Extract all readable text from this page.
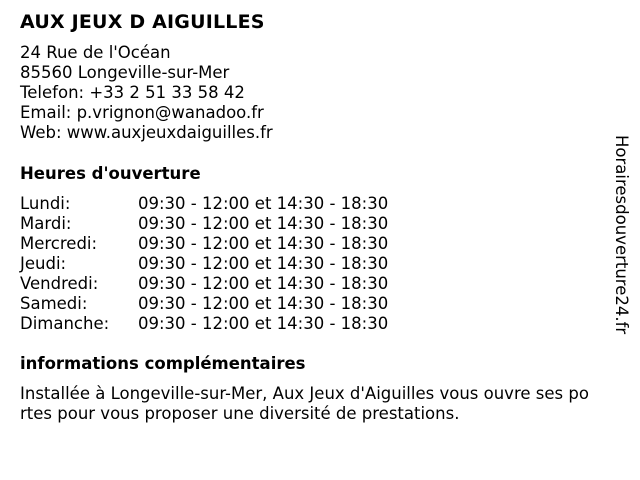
AUX JEUX D AIGUILLES
24 Rue de l'Océan
85560 Longeville-sur-Mer
Telefon: +33 2 51 33 58 42
Email: p.vrignon@wanadoo.fr
Web: www.auxjeuxdaiguilles.fr
Heures d'ouverture
Lundi:	09:30 - 12:00 et 14:30 - 18:30
Mardi:	09:30 - 12:00 et 14:30 - 18:30
Mercredi:	09:30 - 12:00 et 14:30 - 18:30
Jeudi:	09:30 - 12:00 et 14:30 - 18:30
Vendredi:	09:30 - 12:00 et 14:30 - 18:30
Samedi:	09:30 - 12:00 et 14:30 - 18:30
Dimanche:	09:30 - 12:00 et 14:30 - 18:30
informations complémentaires

Installée à Longeville-sur-Mer, Aux Jeux d'Aiguilles vous ouvre ses portes pour vous proposer une diversité de prestations.

Horairesdouverture24.fr
